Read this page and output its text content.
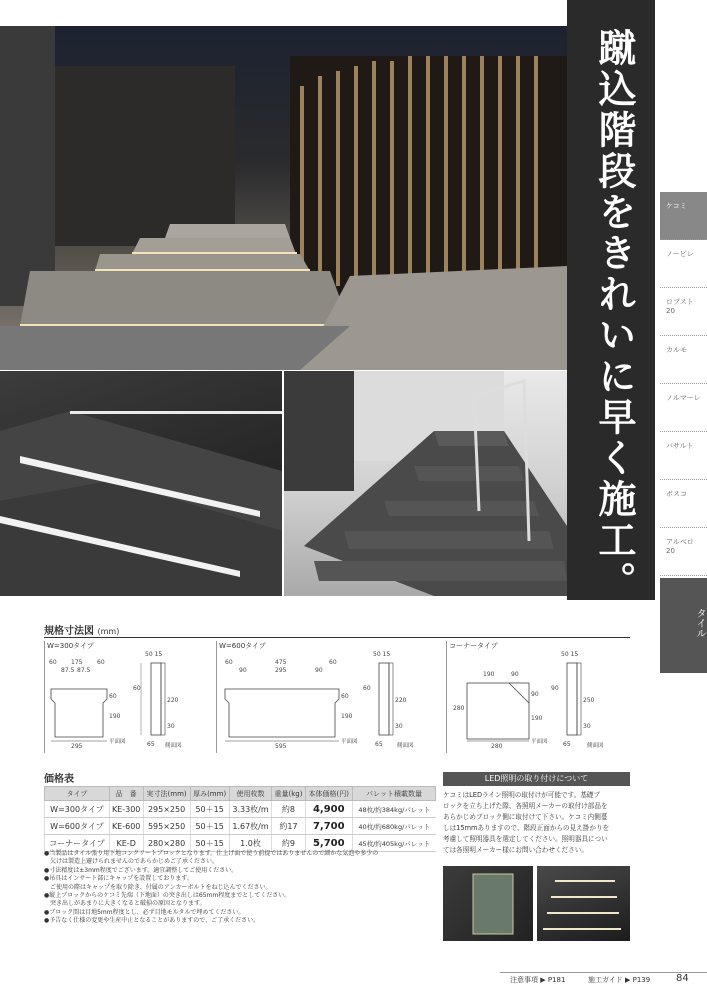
蹴込階段をきれいに早く施工。	ケコミ
ノービレ
ロブスト
20
カルモ
ノルマーレ
バサルト
ボスコ
アルベロ
20
タイル
規格寸法図 (mm)
W=300タイプ
60 175 60
87.5 87.5
295
60
190
50 15
60
220
30
65
平面図
側面図
W=600タイプ
60	475	60
90	295	90
595
60
190
50 15
60
220
30
65
平面図
側面図
コーナータイプ
190	90
280
280
90
190
50 15
90
250
30
65
平面図
側面図
価格表
タイプ	品　番	実寸法(mm)	厚み(mm)	使用枚数	重量(kg)	本体価格(円)	パレット積載数量
W=300タイプ	KE-300	295×250	50＋15	3.33枚/m	約8	4,900	48枚/約384kg/パレット
W=600タイプ	KE-600	595×250	50＋15	1.67枚/m	約17	7,700	40枚/約680kg/パレット
コーナータイプ	KE-D	280×280	50＋15	1.0枚	約9	5,700	45枚/約405kg/パレット
●当製品はタイル張り用下地コンクリートブロックとなります。仕上げ面で使う前提ではありませんので細かな気泡や多少の
　欠けは製造上避けられませんのであらかじめご了承ください。
●寸法精度は±3mm程度でございます。適宜調整してご使用ください。
●吊具はインサート部にキャップを設置しております。
　ご使用の際はキャップを取り除き、付属のアンカーボルトをねじ込んでください。
●縦上ブロックからのケコミ先端（下地面）の突き出しは65mm程度までとしてください。
　突き出しがあまりに大きくなると破損の原因となります。
●ブロック間は目地5mm程度とし、必ず目地モルタルで埋めてください。
●予告なく仕様の変更や生産中止となることがありますので、ご了承ください。
LED照明の取り付けについて
ケコミはLEDライン照明の取付けが可能です。基礎ブ
ロックを立ち上げた際、各照明メーカーの取付け部品を
あらかじめブロック側に取付けて下さい。ケコミ内側蔓
しは15mmありますので、階段正面からの見え掛かりを
考慮して照明器具を選定してください。照明器具につい
ては各照明メーカー様にお問い合わせください。
注意事項 ▶ P181	施工ガイド ▶ P139	84
